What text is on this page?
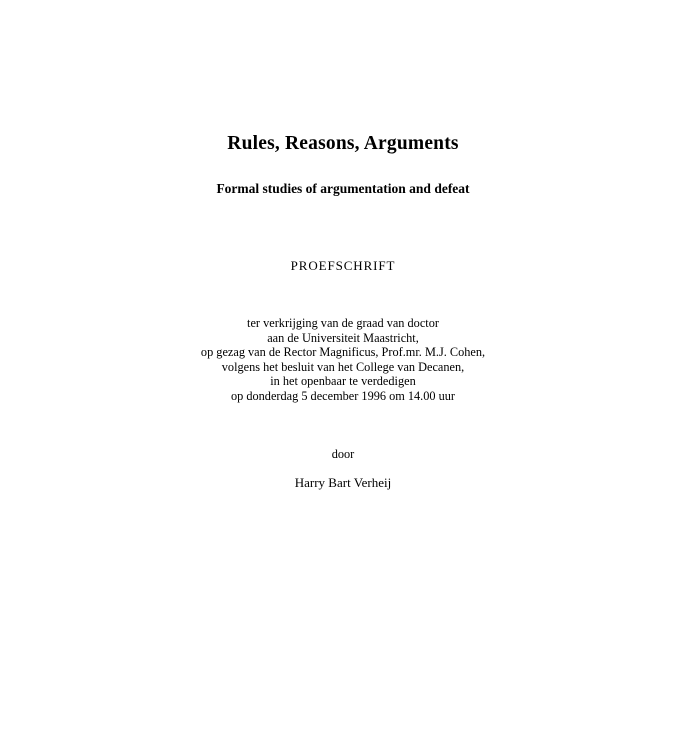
Rules, Reasons, Arguments
Formal studies of argumentation and defeat
PROEFSCHRIFT
ter verkrijging van de graad van doctor
aan de Universiteit Maastricht,
op gezag van de Rector Magnificus, Prof.mr. M.J. Cohen,
volgens het besluit van het College van Decanen,
in het openbaar te verdedigen
op donderdag 5 december 1996 om 14.00 uur
door
Harry Bart Verheij
